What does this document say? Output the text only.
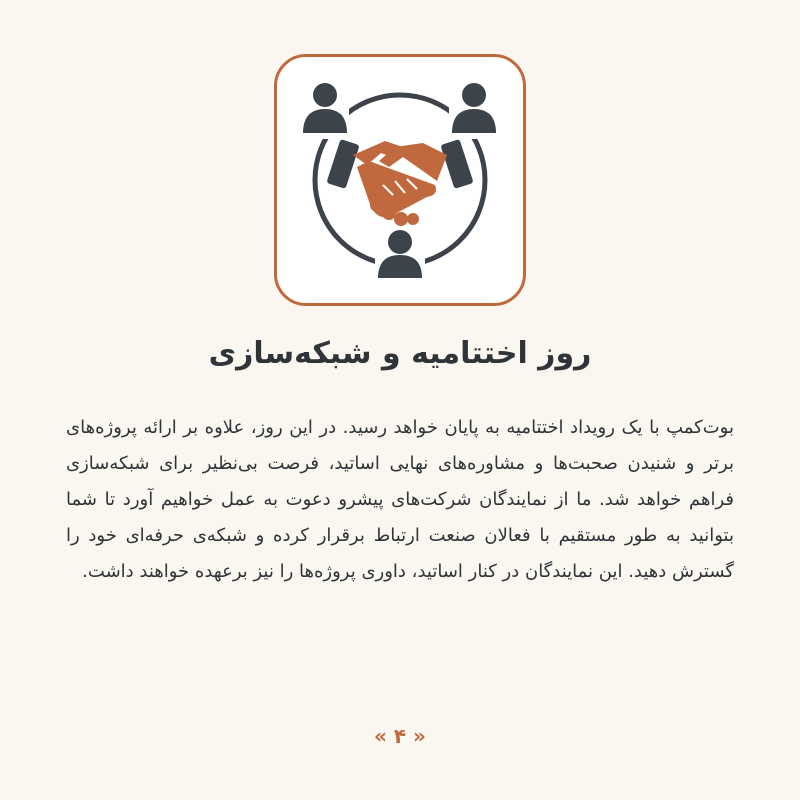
روز اختتامیه و شبکه‌سازی

بوت‌کمپ با یک رویداد اختتامیه به پایان خواهد رسید. در این روز، علاوه بر ارائه پروژه‌های برتر و شنیدن صحبت‌ها و مشاوره‌های نهایی اساتید، فرصت بی‌نظیر برای شبکه‌سازی فراهم خواهد شد. ما از نمایندگان شرکت‌های پیشرو دعوت به عمل خواهیم آورد تا شما بتوانید به طور مستقیم با فعالان صنعت ارتباط برقرار کرده و شبکه‌ی حرفه‌ای خود را گسترش دهید. این نمایندگان در کنار اساتید، داوری پروژه‌ها را نیز برعهده خواهند داشت.

« ۴ »
